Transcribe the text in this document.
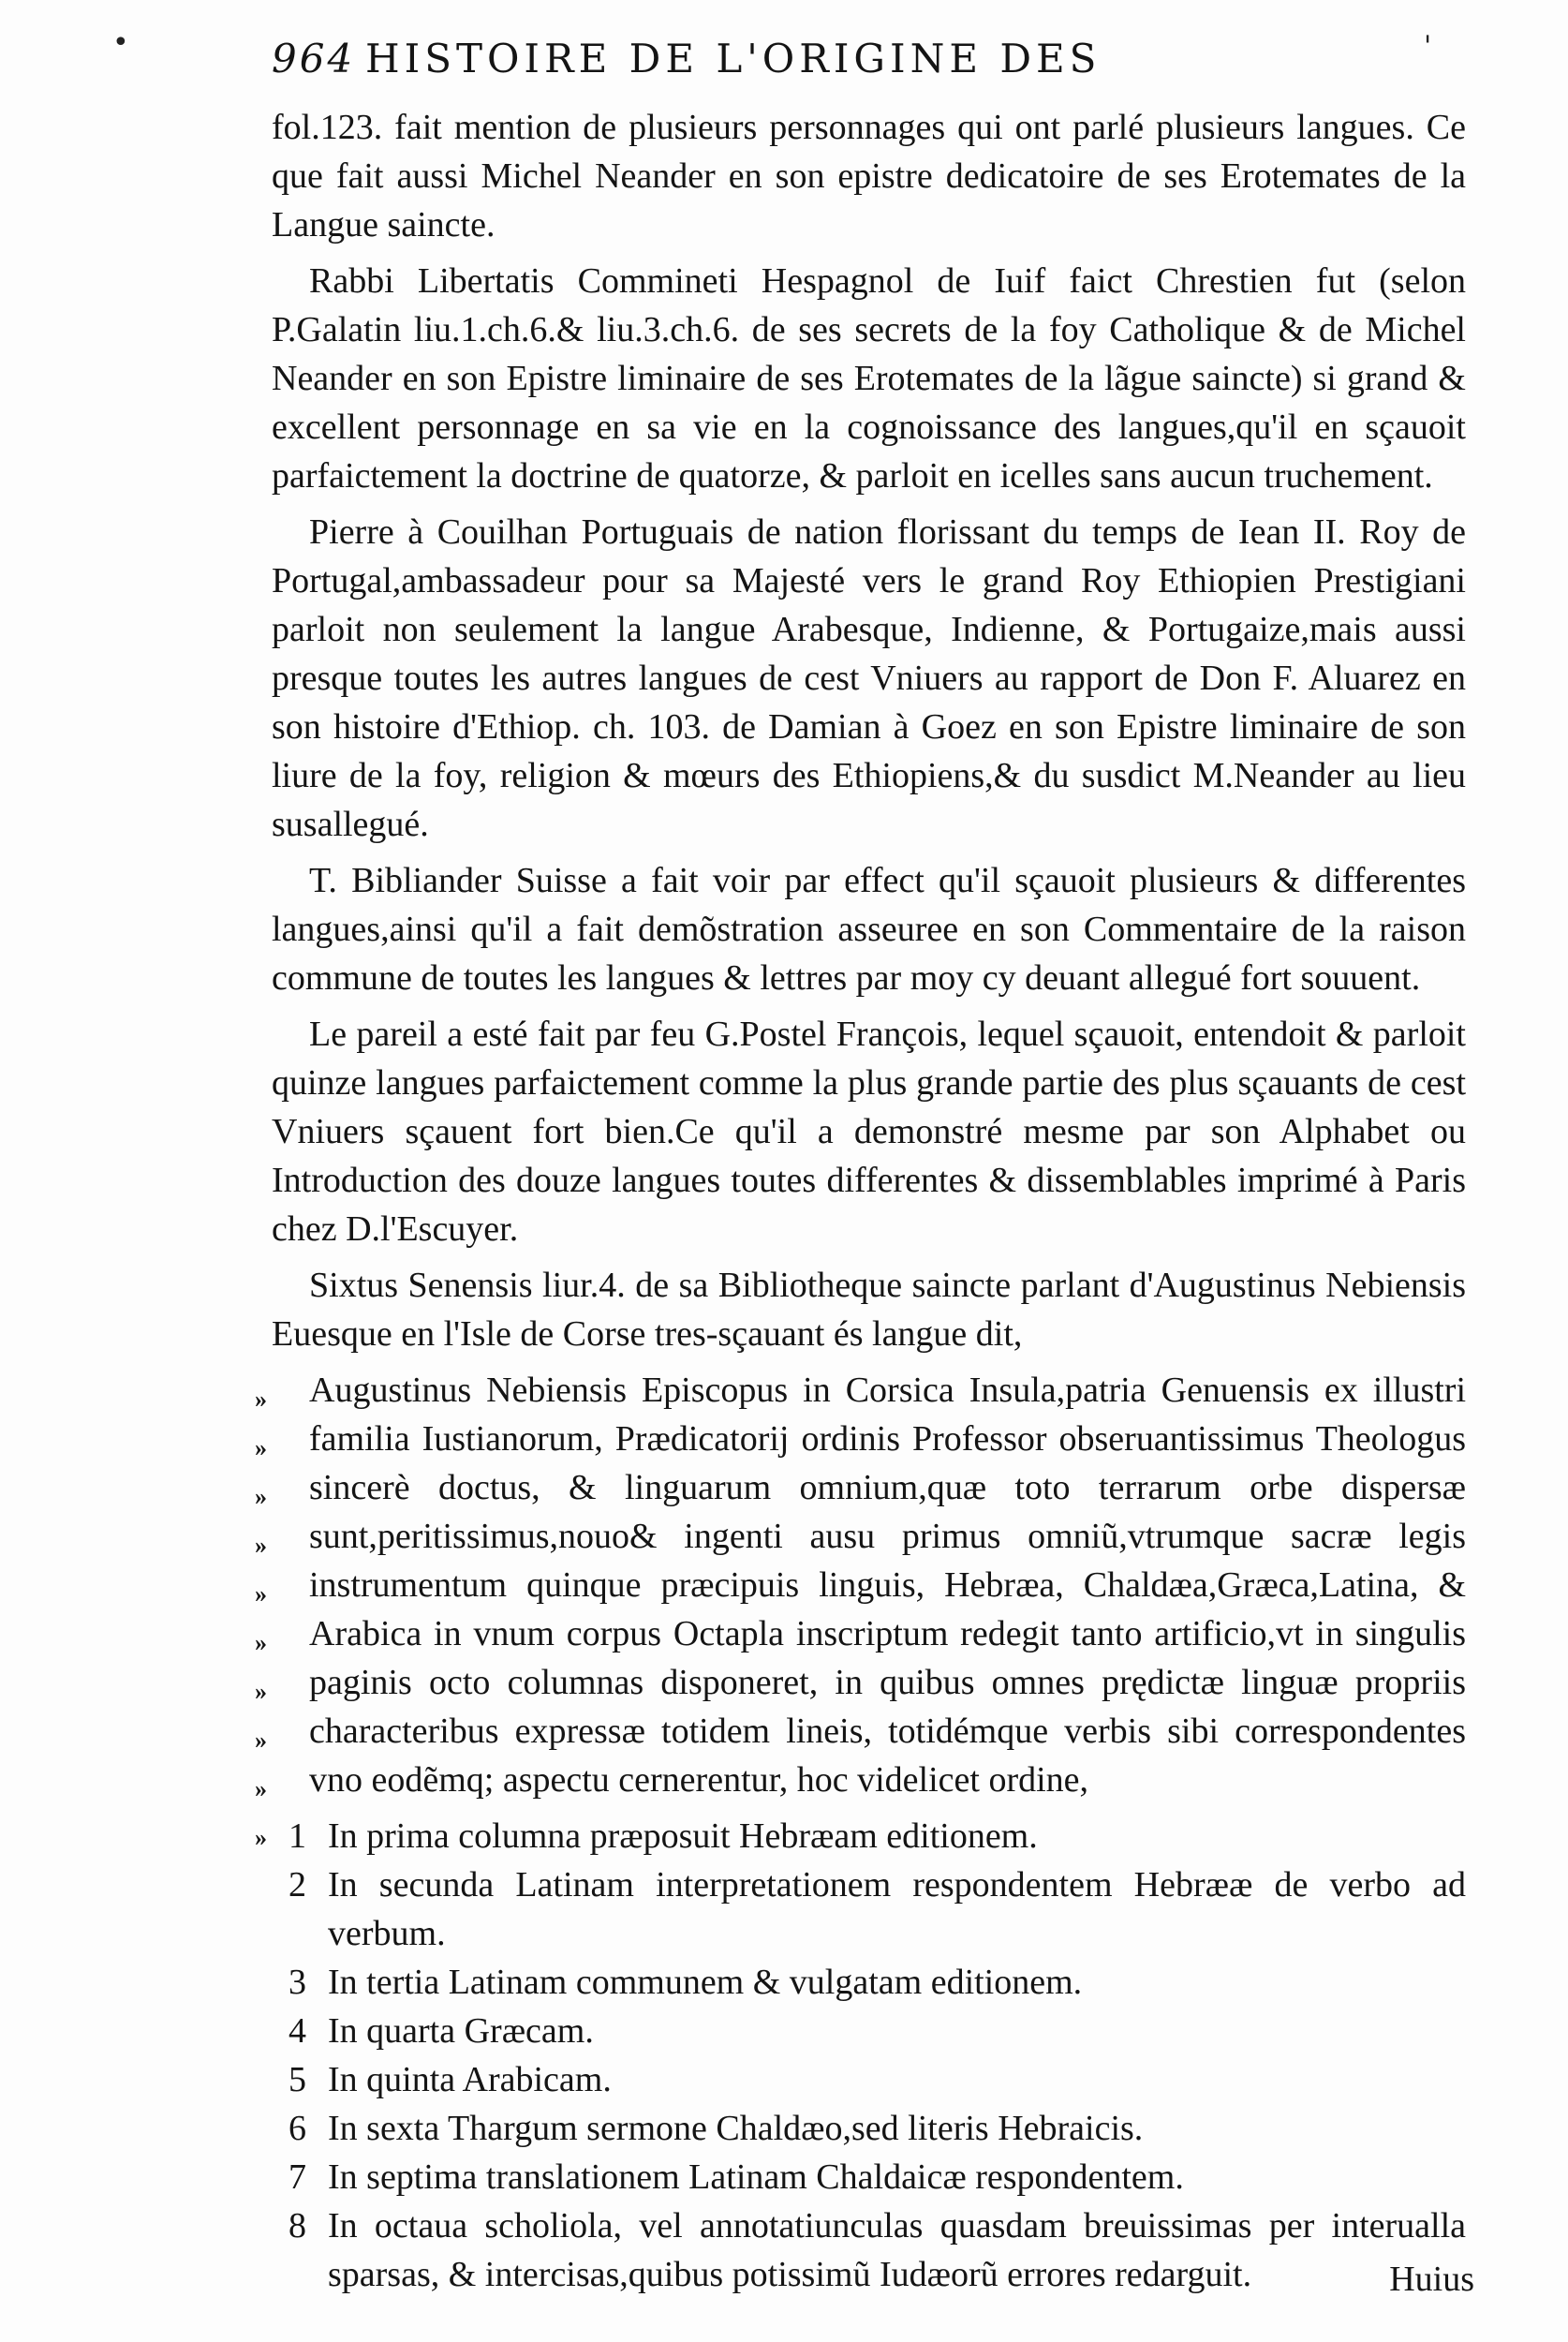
•	'
964 HISTOIRE DE L'ORIGINE DES

fol.123. fait mention de plusieurs personnages qui ont parlé plusieurs langues. Ce que fait aussi Michel Neander en son epistre dedicatoire de ses Erotemates de la Langue saincte.

Rabbi Libertatis Commineti Hespagnol de Iuif faict Chrestien fut (selon P.Galatin liu.1.ch.6.& liu.3.ch.6. de ses secrets de la foy Catholique & de Michel Neander en son Epistre liminaire de ses Erotemates de la lãgue saincte) si grand & excellent personnage en sa vie en la cognoissance des langues,qu'il en sçauoit parfaictement la doctrine de quatorze, & parloit en icelles sans aucun truchement.

Pierre à Couilhan Portuguais de nation florissant du temps de Iean II. Roy de Portugal,ambassadeur pour sa Majesté vers le grand Roy Ethiopien Prestigiani parloit non seulement la langue Arabesque, Indienne, & Portugaize,mais aussi presque toutes les autres langues de cest Vniuers au rapport de Don F. Aluarez en son histoire d'Ethiop. ch. 103. de Damian à Goez en son Epistre liminaire de son liure de la foy, religion & mœurs des Ethiopiens,& du susdict M.Neander au lieu susallegué.

T. Bibliander Suisse a fait voir par effect qu'il sçauoit plusieurs & differentes langues,ainsi qu'il a fait demõstration asseuree en son Commentaire de la raison commune de toutes les langues & lettres par moy cy deuant allegué fort souuent.

Le pareil a esté fait par feu G.Postel François, lequel sçauoit, entendoit & parloit quinze langues parfaictement comme la plus grande partie des plus sçauants de cest Vniuers sçauent fort bien.Ce qu'il a demonstré mesme par son Alphabet ou Introduction des douze langues toutes differentes & dissemblables imprimé à Paris chez D.l'Escuyer.

Sixtus Senensis liur.4. de sa Bibliotheque saincte parlant d'Augustinus Nebiensis Euesque en l'Isle de Corse tres-sçauant és langue dit,

»
»
»
»
»
»
»
»
»
»

Augustinus Nebiensis Episcopus in Corsica Insula,patria Genuensis ex illustri familia Iustianorum, Prædicatorij ordinis Professor obseruantissimus Theologus sincerè doctus, & linguarum omnium,quæ toto terrarum orbe dispersæ sunt,peritissimus,nouo& ingenti ausu primus omniũ,vtrumque sacræ legis instrumentum quinque præcipuis linguis, Hebræa, Chaldæa,Græca,Latina, & Arabica in vnum corpus Octapla inscriptum redegit tanto artificio,vt in singulis paginis octo columnas disponeret, in quibus omnes prędictæ linguæ propriis characteribus expressæ totidem lineis, totidémque verbis sibi correspondentes vno eodẽmq; aspectu cernerentur, hoc videlicet ordine,

1 In prima columna præposuit Hebræam editionem.
2 In secunda Latinam interpretationem respondentem Hebrææ de verbo ad verbum.
3 In tertia Latinam communem & vulgatam editionem.
4 In quarta Græcam.
5 In quinta Arabicam.
6 In sexta Thargum sermone Chaldæo,sed literis Hebraicis.
7 In septima translationem Latinam Chaldaicæ respondentem.
8 In octaua scholiola, vel annotatiunculas quasdam breuissimas per interualla sparsas, & intercisas,quibus potissimũ Iudæorũ errores redarguit.	Huius
